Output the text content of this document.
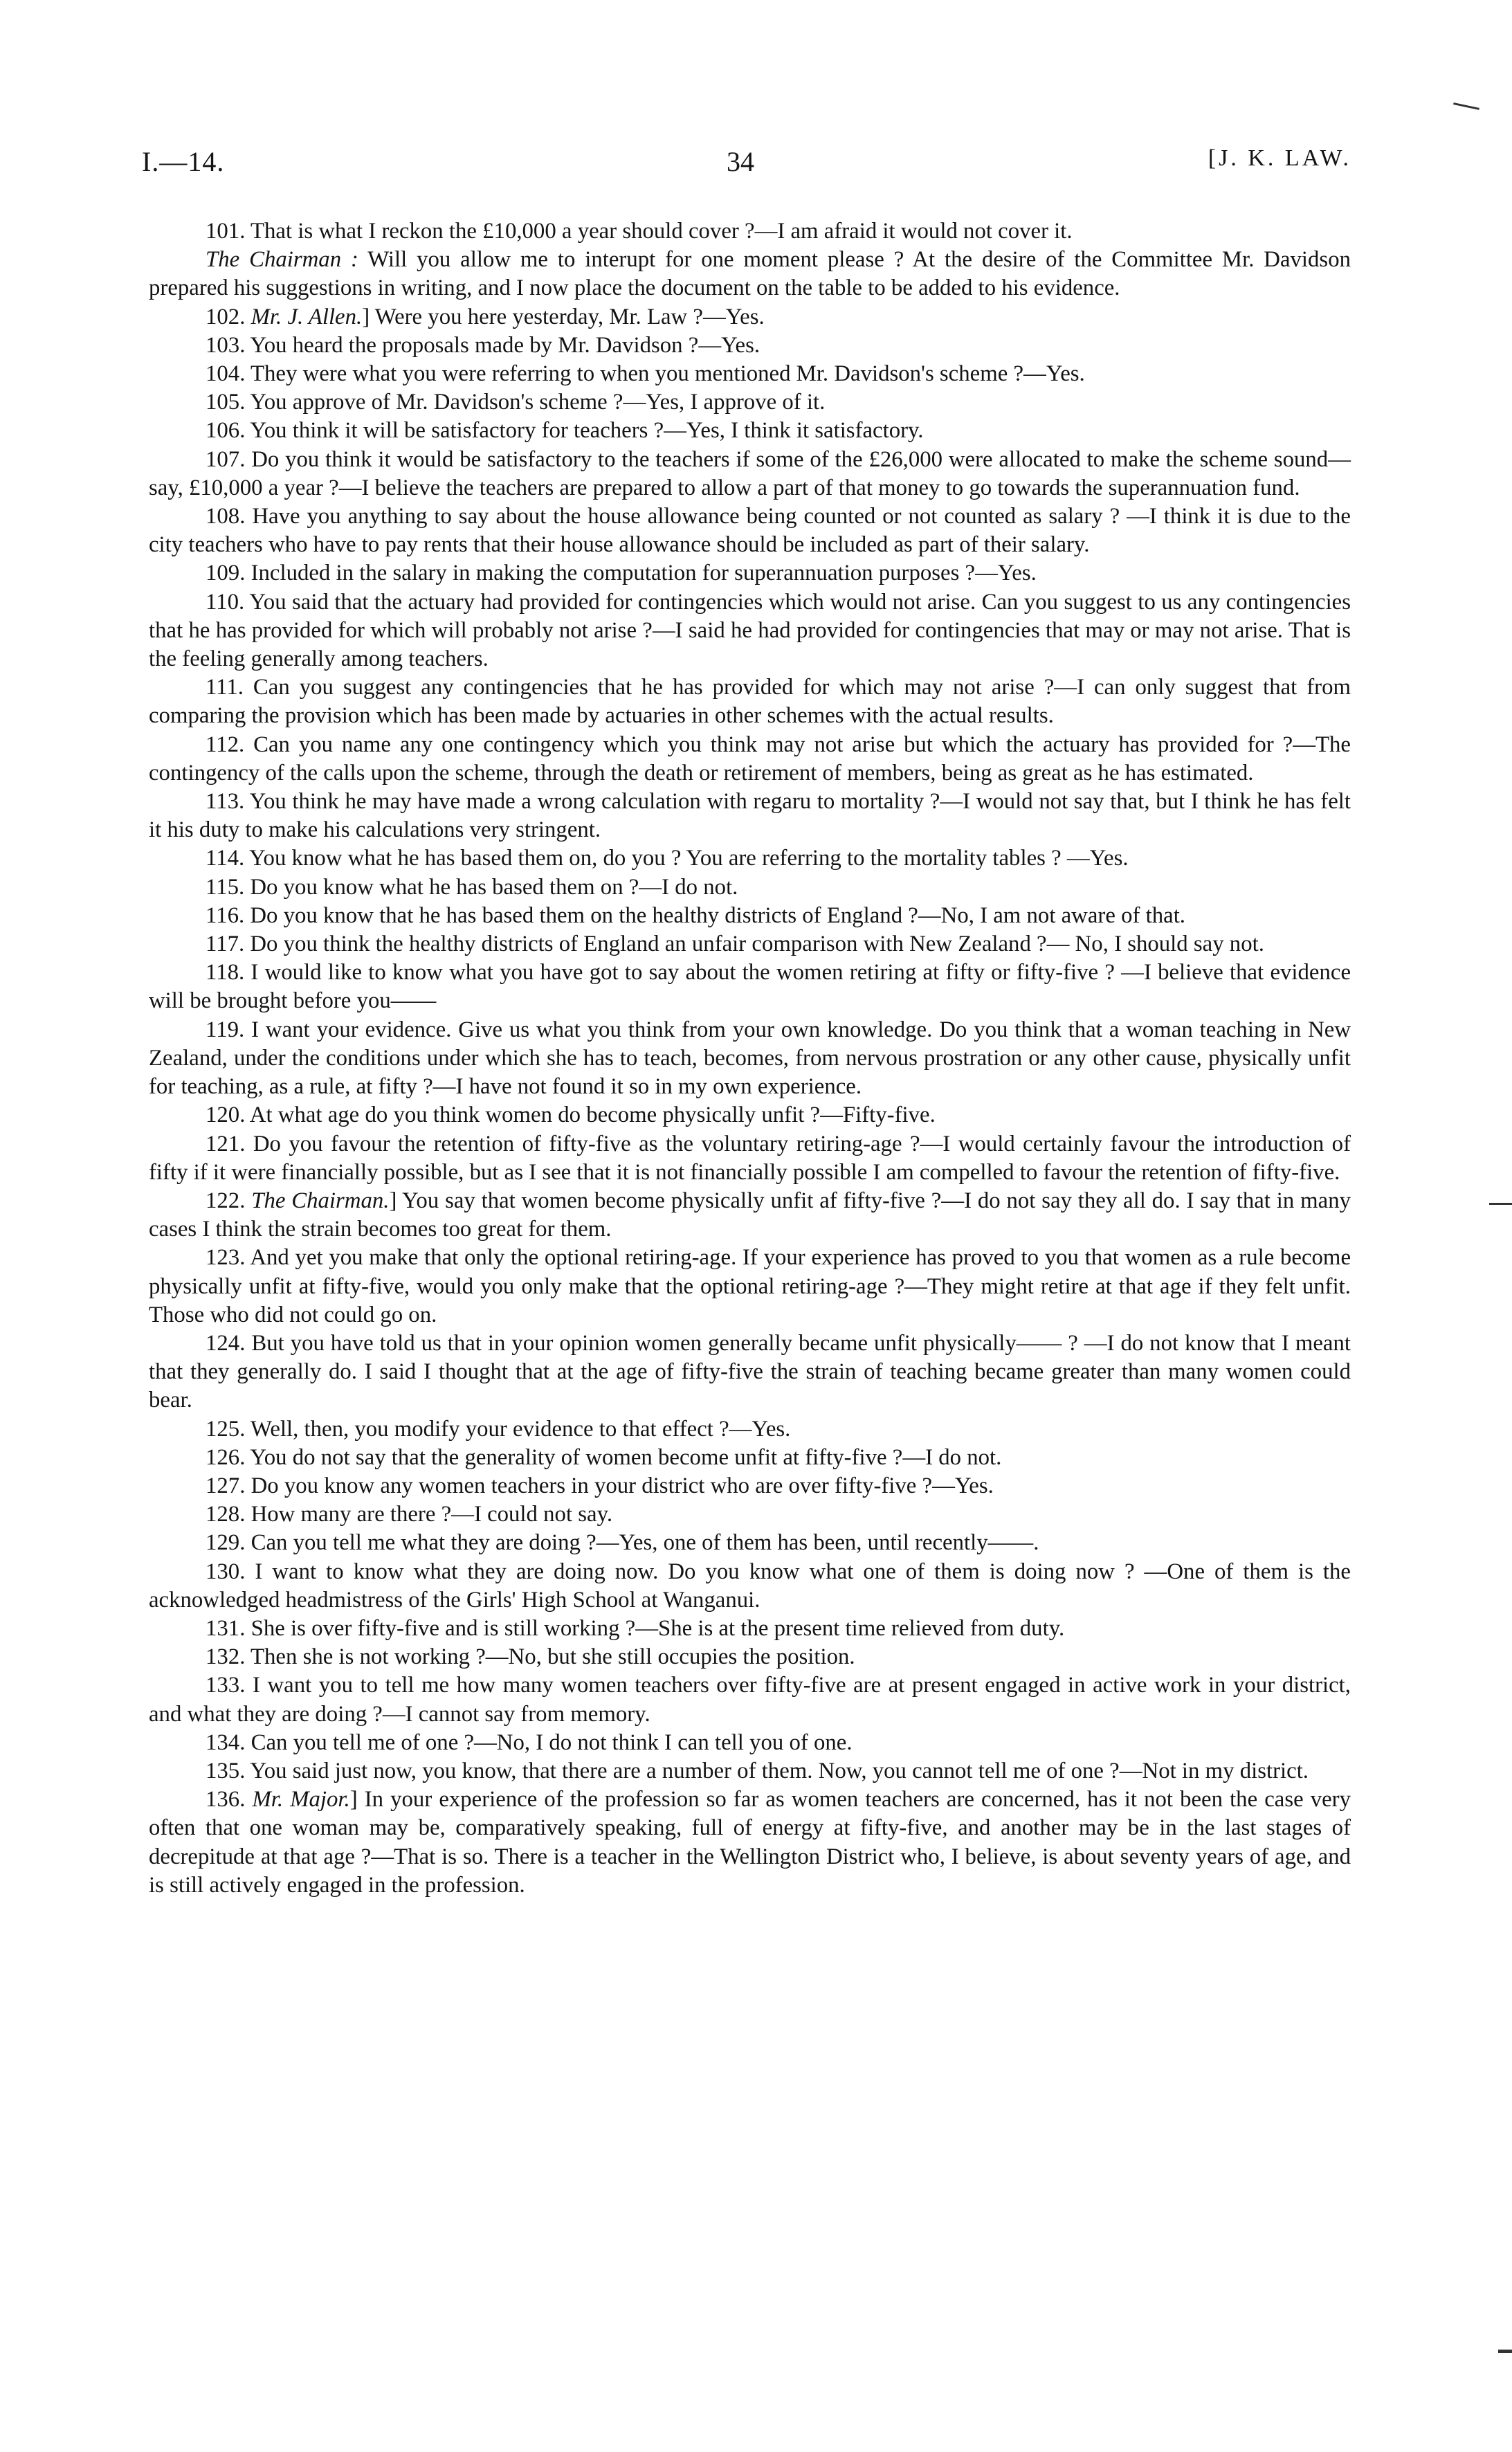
I.—14.	34	[J. K. LAW.

101. That is what I reckon the £10,000 a year should cover ?—I am afraid it would not cover it.

The Chairman : Will you allow me to interupt for one moment please ? At the desire of the Committee Mr. Davidson prepared his suggestions in writing, and I now place the document on the table to be added to his evidence.

102. Mr. J. Allen.] Were you here yesterday, Mr. Law ?—Yes.

103. You heard the proposals made by Mr. Davidson ?—Yes.

104. They were what you were referring to when you mentioned Mr. Davidson's scheme ?—Yes.

105. You approve of Mr. Davidson's scheme ?—Yes, I approve of it.

106. You think it will be satisfactory for teachers ?—Yes, I think it satisfactory.

107. Do you think it would be satisfactory to the teachers if some of the £26,000 were allocated to make the scheme sound—say, £10,000 a year ?—I believe the teachers are prepared to allow a part of that money to go towards the superannuation fund.

108. Have you anything to say about the house allowance being counted or not counted as salary ? —I think it is due to the city teachers who have to pay rents that their house allowance should be included as part of their salary.

109. Included in the salary in making the computation for superannuation purposes ?—Yes.

110. You said that the actuary had provided for contingencies which would not arise. Can you suggest to us any contingencies that he has provided for which will probably not arise ?—I said he had provided for contingencies that may or may not arise. That is the feeling generally among teachers.

111. Can you suggest any contingencies that he has provided for which may not arise ?—I can only suggest that from comparing the provision which has been made by actuaries in other schemes with the actual results.

112. Can you name any one contingency which you think may not arise but which the actuary has provided for ?—The contingency of the calls upon the scheme, through the death or retirement of members, being as great as he has estimated.

113. You think he may have made a wrong calculation with regaru to mortality ?—I would not say that, but I think he has felt it his duty to make his calculations very stringent.

114. You know what he has based them on, do you ? You are referring to the mortality tables ? —Yes.

115. Do you know what he has based them on ?—I do not.

116. Do you know that he has based them on the healthy districts of England ?—No, I am not aware of that.

117. Do you think the healthy districts of England an unfair comparison with New Zealand ?— No, I should say not.

118. I would like to know what you have got to say about the women retiring at fifty or fifty-five ? —I believe that evidence will be brought before you——

119. I want your evidence. Give us what you think from your own knowledge. Do you think that a woman teaching in New Zealand, under the conditions under which she has to teach, becomes, from nervous prostration or any other cause, physically unfit for teaching, as a rule, at fifty ?—I have not found it so in my own experience.

120. At what age do you think women do become physically unfit ?—Fifty-five.

121. Do you favour the retention of fifty-five as the voluntary retiring-age ?—I would certainly favour the introduction of fifty if it were financially possible, but as I see that it is not financially possible I am compelled to favour the retention of fifty-five.

122. The Chairman.] You say that women become physically unfit af fifty-five ?—I do not say they all do. I say that in many cases I think the strain becomes too great for them.

123. And yet you make that only the optional retiring-age. If your experience has proved to you that women as a rule become physically unfit at fifty-five, would you only make that the optional retiring-age ?—They might retire at that age if they felt unfit. Those who did not could go on.

124. But you have told us that in your opinion women generally became unfit physically—— ? —I do not know that I meant that they generally do. I said I thought that at the age of fifty-five the strain of teaching became greater than many women could bear.

125. Well, then, you modify your evidence to that effect ?—Yes.

126. You do not say that the generality of women become unfit at fifty-five ?—I do not.

127. Do you know any women teachers in your district who are over fifty-five ?—Yes.

128. How many are there ?—I could not say.

129. Can you tell me what they are doing ?—Yes, one of them has been, until recently——.

130. I want to know what they are doing now. Do you know what one of them is doing now ? —One of them is the acknowledged headmistress of the Girls' High School at Wanganui.

131. She is over fifty-five and is still working ?—She is at the present time relieved from duty.

132. Then she is not working ?—No, but she still occupies the position.

133. I want you to tell me how many women teachers over fifty-five are at present engaged in active work in your district, and what they are doing ?—I cannot say from memory.

134. Can you tell me of one ?—No, I do not think I can tell you of one.

135. You said just now, you know, that there are a number of them. Now, you cannot tell me of one ?—Not in my district.

136. Mr. Major.] In your experience of the profession so far as women teachers are concerned, has it not been the case very often that one woman may be, comparatively speaking, full of energy at fifty-five, and another may be in the last stages of decrepitude at that age ?—That is so. There is a teacher in the Wellington District who, I believe, is about seventy years of age, and is still actively engaged in the profession.
